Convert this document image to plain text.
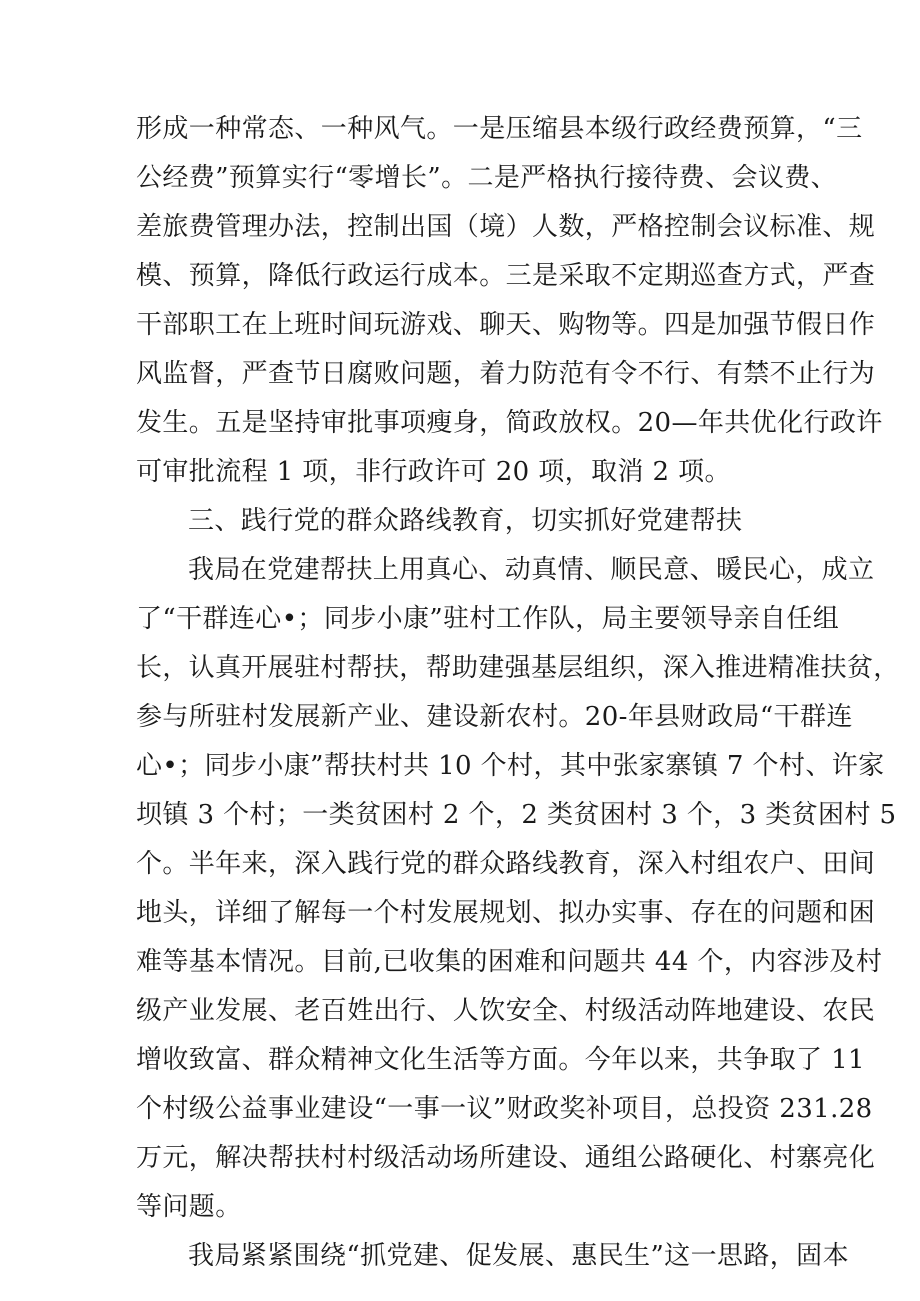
形成一种常态、一种风气。一是压缩县本级行政经费预算，“三
公经费”预算实行“零增长”。二是严格执行接待费、会议费、
差旅费管理办法，控制出国（境）人数，严格控制会议标准、规
模、预算，降低行政运行成本。三是采取不定期巡查方式，严查
干部职工在上班时间玩游戏、聊天、购物等。四是加强节假日作
风监督，严查节日腐败问题，着力防范有令不行、有禁不止行为
发生。五是坚持审批事项瘦身，简政放权。20—年共优化行政许
可审批流程 1 项，非行政许可 20 项，取消 2 项。
三、践行党的群众路线教育，切实抓好党建帮扶
我局在党建帮扶上用真心、动真情、顺民意、暖民心，成立
了“干群连心•；同步小康”驻村工作队，局主要领导亲自任组
长，认真开展驻村帮扶，帮助建强基层组织，深入推进精准扶贫，
参与所驻村发展新产业、建设新农村。20-年县财政局“干群连
心•；同步小康”帮扶村共 10 个村，其中张家寨镇 7 个村、许家
坝镇 3 个村；一类贫困村 2 个，2 类贫困村 3 个，3 类贫困村 5
个。半年来，深入践行党的群众路线教育，深入村组农户、田间
地头，详细了解每一个村发展规划、拟办实事、存在的问题和困
难等基本情况。目前,已收集的困难和问题共 44 个，内容涉及村
级产业发展、老百姓出行、人饮安全、村级活动阵地建设、农民
增收致富、群众精神文化生活等方面。今年以来，共争取了 11
个村级公益事业建设“一事一议”财政奖补项目，总投资 231.28
万元，解决帮扶村村级活动场所建设、通组公路硬化、村寨亮化
等问题。
我局紧紧围绕“抓党建、促发展、惠民生”这一思路，固本
